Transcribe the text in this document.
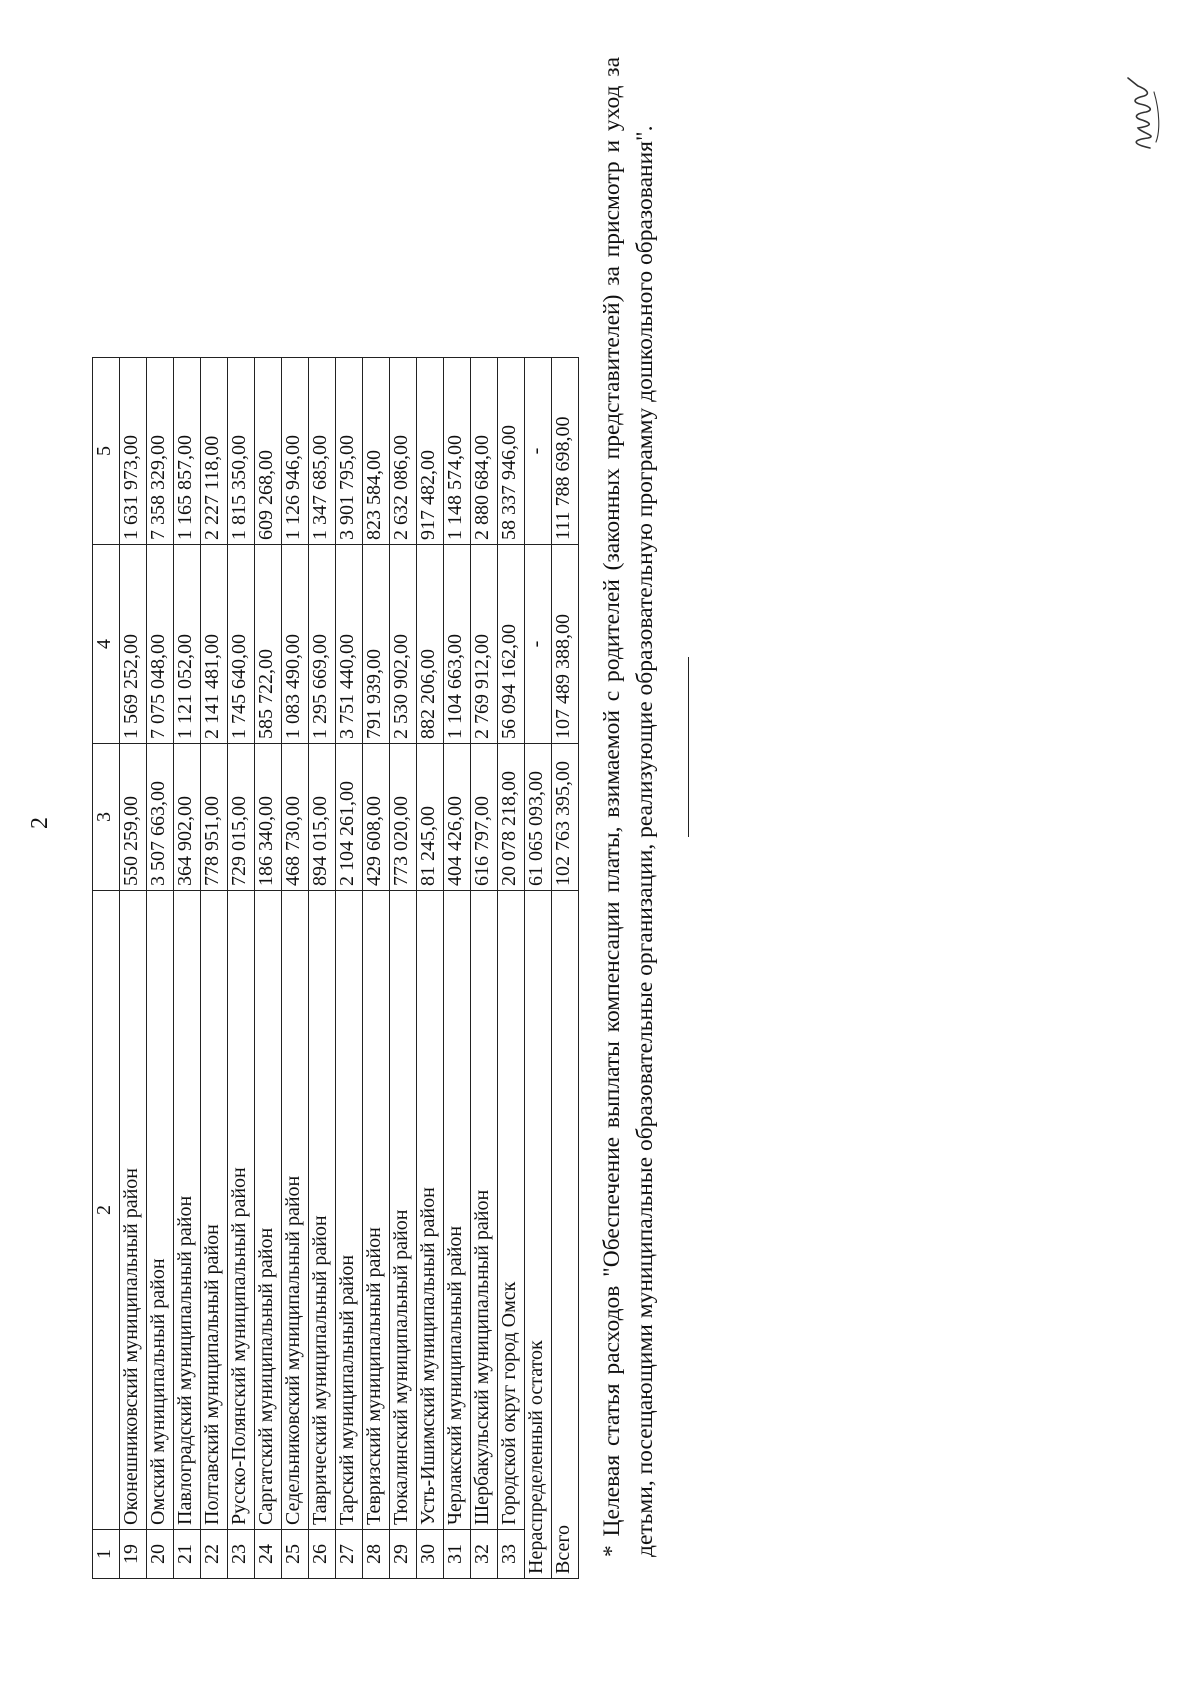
2
1	2	3	4	5
19	Оконешниковский муниципальный район	550 259,00	1 569 252,00	1 631 973,00
20	Омский муниципальный район	3 507 663,00	7 075 048,00	7 358 329,00
21	Павлоградский муниципальный район	364 902,00	1 121 052,00	1 165 857,00
22	Полтавский муниципальный район	778 951,00	2 141 481,00	2 227 118,00
23	Русско-Полянский муниципальный район	729 015,00	1 745 640,00	1 815 350,00
24	Саргатский муниципальный район	186 340,00	585 722,00	609 268,00
25	Седельниковский муниципальный район	468 730,00	1 083 490,00	1 126 946,00
26	Таврический муниципальный район	894 015,00	1 295 669,00	1 347 685,00
27	Тарский муниципальный район	2 104 261,00	3 751 440,00	3 901 795,00
28	Тевризский муниципальный район	429 608,00	791 939,00	823 584,00
29	Тюкалинский муниципальный район	773 020,00	2 530 902,00	2 632 086,00
30	Усть-Ишимский муниципальный район	81 245,00	882 206,00	917 482,00
31	Черлакский муниципальный район	404 426,00	1 104 663,00	1 148 574,00
32	Шербакульский муниципальный район	616 797,00	2 769 912,00	2 880 684,00
33	Городской округ город Омск	20 078 218,00	56 094 162,00	58 337 946,00
Нераспределенный остаток		61 065 093,00	-	-
Всего		102 763 395,00	107 489 388,00	111 788 698,00 * Целевая статья расходов "Обеспечение выплаты компенсации платы, взимаемой с родителей (законных представителей) за присмотр и уход за детьми, посещающими муниципальные образовательные организации, реализующие образовательную программу дошкольного образования".
